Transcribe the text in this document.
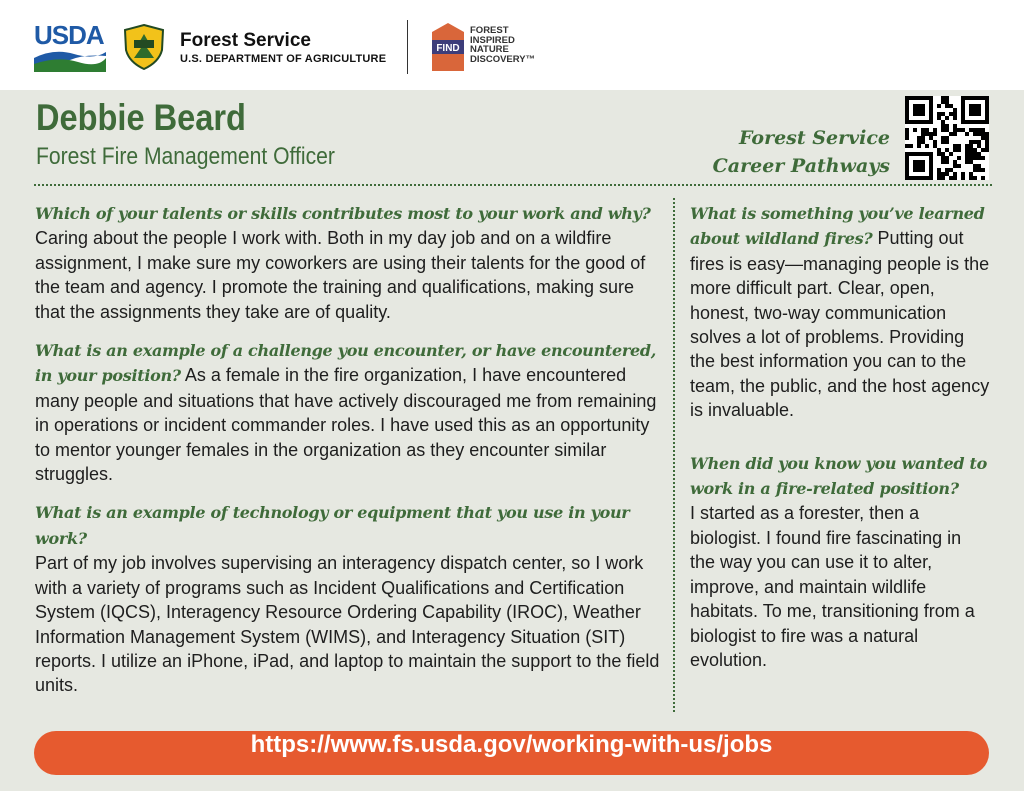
USDA	Forest Service
U.S. DEPARTMENT OF AGRICULTURE
FIND
FOREST
INSPIRED
NATURE
DISCOVERY™
Debbie Beard
Forest Fire Management Officer
Forest Service
Career Pathways

Which of your talents or skills contributes most to your work and why?
Caring about the people I work with. Both in my day job and on a wildfire assignment, I make sure my coworkers are using their talents for the good of the team and agency. I promote the training and qualifications, making sure that the assignments they take are of quality.

What is an example of a challenge you encounter, or have encountered, in your position? As a female in the fire organization, I have encountered many people and situations that have actively discouraged me from remaining in operations or incident commander roles. I have used this as an opportunity to mentor younger females in the organization as they encounter similar struggles.

What is an example of technology or equipment that you use in your work?
Part of my job involves supervising an interagency dispatch center, so I work with a variety of programs such as Incident Qualifications and Certification System (IQCS), Interagency Resource Ordering Capability (IROC), Weather Information Management System (WIMS), and Interagency Situation (SIT) reports. I utilize an iPhone, iPad, and laptop to maintain the support to the field units.

What is something you’ve learned about wildland fires? Putting out fires is easy—managing people is the more difficult part. Clear, open, honest, two-way communication solves a lot of problems. Providing the best information you can to the team, the public, and the host agency is invaluable.

When did you know you wanted to work in a fire-related position?
I started as a forester, then a biologist. I found fire fascinating in the way you can use it to alter, improve, and maintain wildlife habitats. To me, transitioning from a biologist to fire was a natural evolution.

https://www.fs.usda.gov/working-with-us/jobs
